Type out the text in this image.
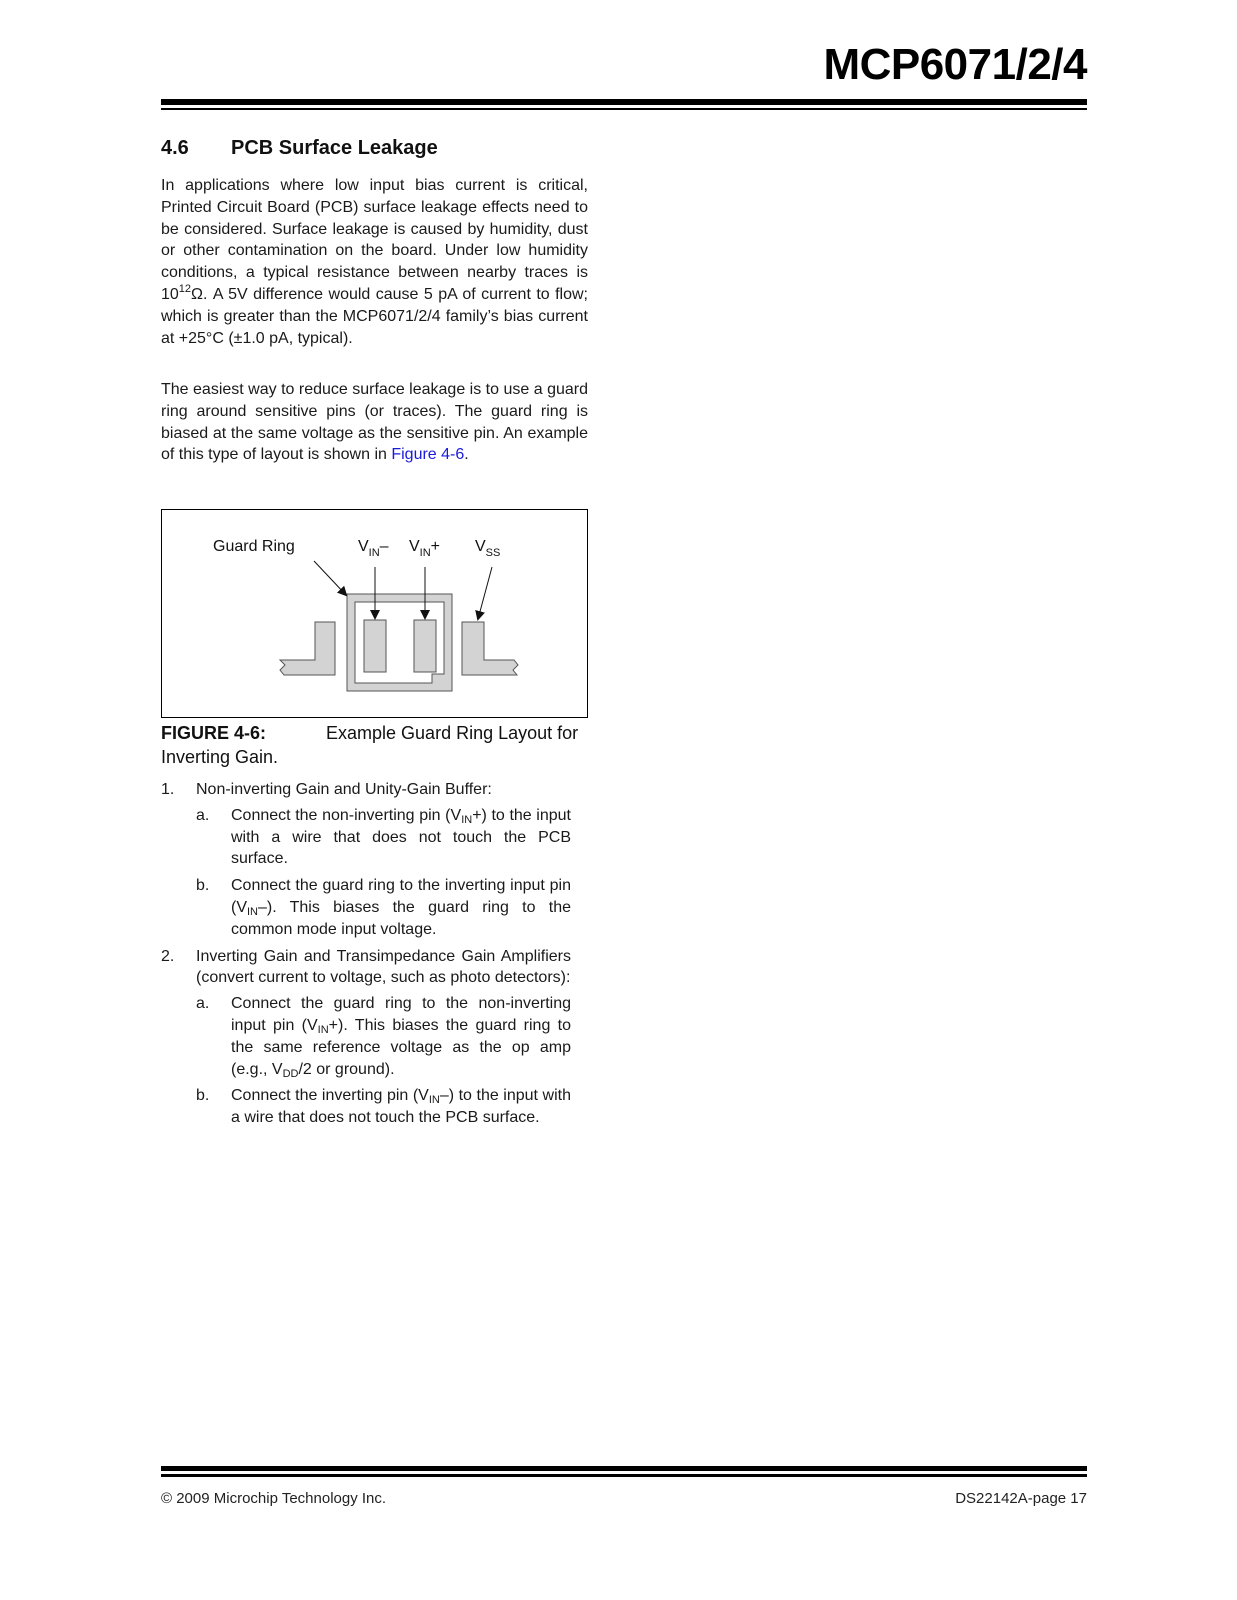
MCP6071/2/4
4.6 PCB Surface Leakage

In applications where low input bias current is critical, Printed Circuit Board (PCB) surface leakage effects need to be considered. Surface leakage is caused by humidity, dust or other contamination on the board. Under low humidity conditions, a typical resistance between nearby traces is $10^{12}\Omega$. A 5V difference would cause 5 pA of current to flow; which is greater than the MCP6071/2/4 family’s bias current at +25°C (±1.0 pA, typical).

The easiest way to reduce surface leakage is to use a guard ring around sensitive pins (or traces). The guard ring is biased at the same voltage as the sensitive pin. An example of this type of layout is shown in Figure 4-6.

Guard Ring	$V_{IN}-$ $V_{IN}+ V_{SS}$
FIGURE 4-6:	Example Guard Ring Layout for Inverting Gain.
1. Non-inverting Gain and Unity-Gain Buffer:
a. Connect the non-inverting pin $(V_{IN}+)$ to the input with a wire that does not touch the PCB surface.
b. Connect the guard ring to the inverting input pin $(V_{IN}-)$. This biases the guard ring to the common mode input voltage.
2. Inverting Gain and Transimpedance Gain Amplifiers (convert current to voltage, such as photo detectors):
a. Connect the guard ring to the non-inverting input pin $(V_{IN}+)$. This biases the guard ring to the same reference voltage as the op amp (e.g., $V_{DD}/2$ or ground).
b. Connect the inverting pin $(V_{IN}-)$ to the input with a wire that does not touch the PCB surface.
© 2009 Microchip Technology Inc.	DS22142A-page 17
